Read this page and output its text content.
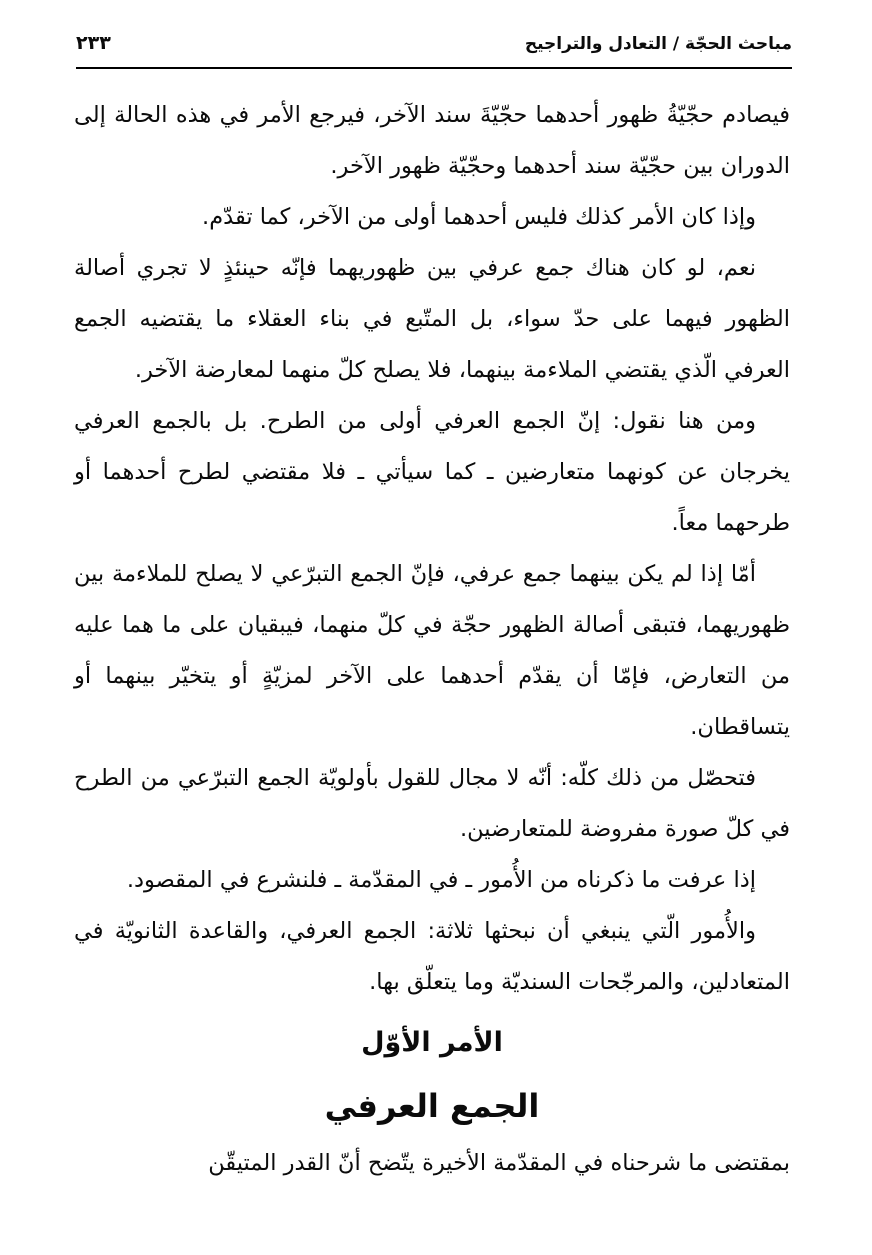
مباحث الحجّة / التعادل والتراجيح
٢٣٣

فيصادم حجّيّةُ ظهور أحدهما حجّيّةَ سند الآخر، فيرجع الأمر في هذه الحالة إلى الدوران بين حجّيّة سند أحدهما وحجّيّة ظهور الآخر.

وإذا كان الأمر كذلك فليس أحدهما أولى من الآخر، كما تقدّم.

نعم، لو كان هناك جمع عرفي بين ظهوريهما فإنّه حينئذٍ لا تجري أصالة الظهور فيهما على حدّ سواء، بل المتّبع في بناء العقلاء ما يقتضيه الجمع العرفي الّذي يقتضي الملاءمة بينهما، فلا يصلح كلّ منهما لمعارضة الآخر.

ومن هنا نقول: إنّ الجمع العرفي أولى من الطرح. بل بالجمع العرفي يخرجان عن كونهما متعارضين ـ كما سيأتي ـ فلا مقتضي لطرح أحدهما أو طرحهما معاً.

أمّا إذا لم يكن بينهما جمع عرفي، فإنّ الجمع التبرّعي لا يصلح للملاءمة بين ظهوريهما، فتبقى أصالة الظهور حجّة في كلّ منهما، فيبقيان على ما هما عليه من التعارض، فإمّا أن يقدّم أحدهما على الآخر لمزيّةٍ أو يتخيّر بينهما أو يتساقطان.

فتحصّل من ذلك كلّه: أنّه لا مجال للقول بأولويّة الجمع التبرّعي من الطرح في كلّ صورة مفروضة للمتعارضين.

إذا عرفت ما ذكرناه من الأُمور ـ في المقدّمة ـ فلنشرع في المقصود.

والأُمور الّتي ينبغي أن نبحثها ثلاثة: الجمع العرفي، والقاعدة الثانويّة في المتعادلين، والمرجّحات السنديّة وما يتعلّق بها.

الأمر الأوّل
الجمع العرفي

بمقتضى ما شرحناه في المقدّمة الأخيرة يتّضح أنّ القدر المتيقّن
